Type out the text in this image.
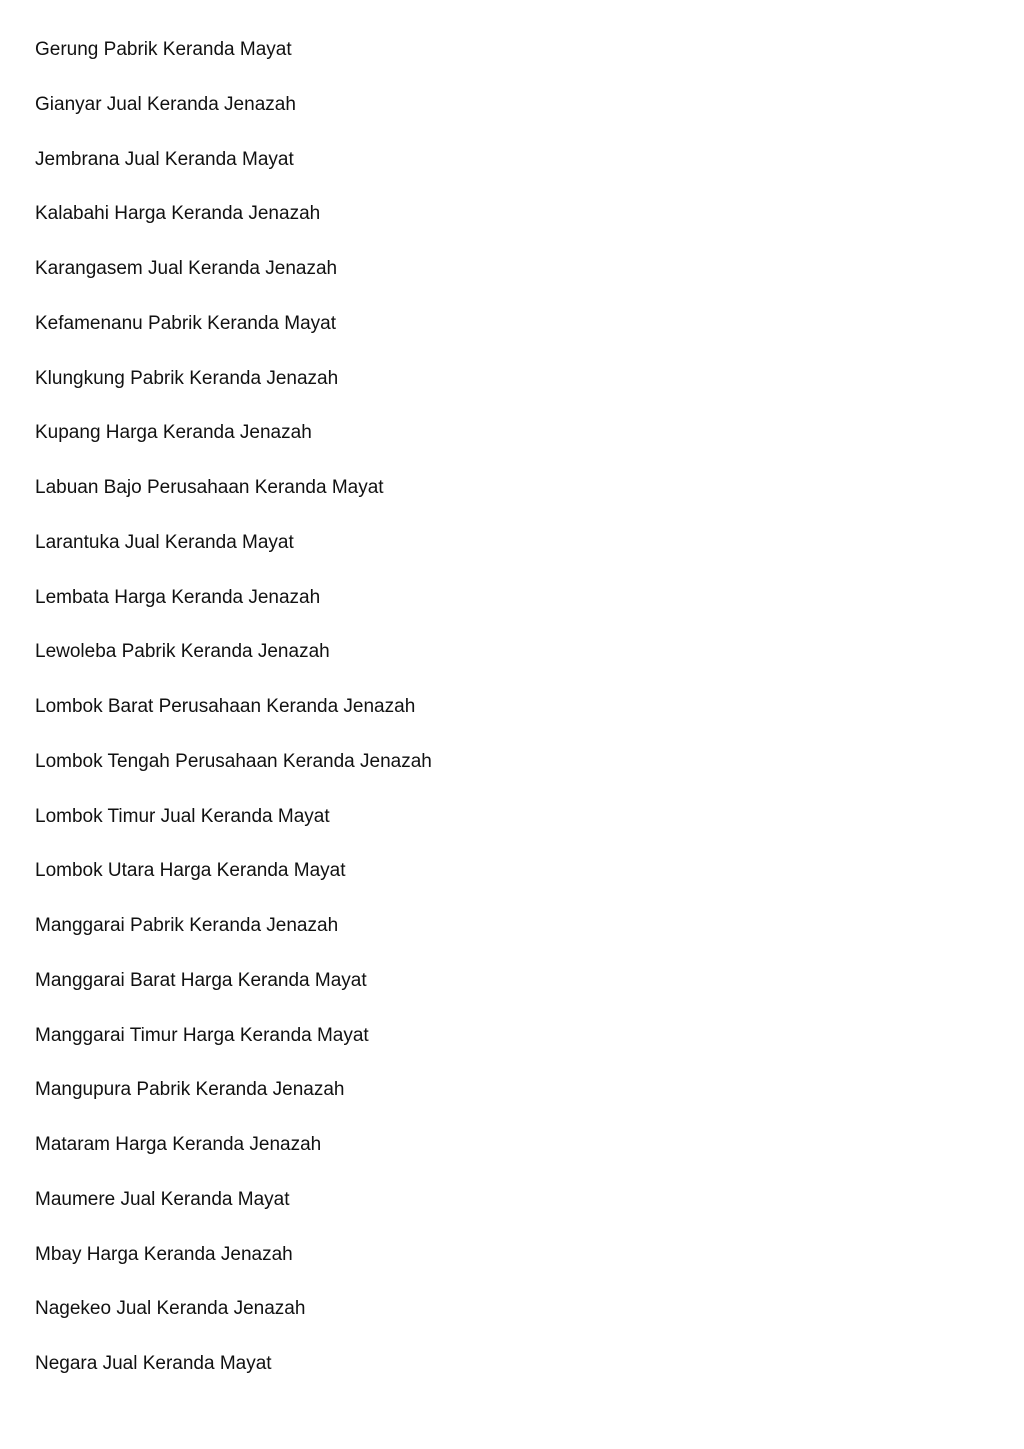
Gerung Pabrik Keranda Mayat
Gianyar Jual Keranda Jenazah
Jembrana Jual Keranda Mayat
Kalabahi Harga Keranda Jenazah
Karangasem Jual Keranda Jenazah
Kefamenanu Pabrik Keranda Mayat
Klungkung Pabrik Keranda Jenazah
Kupang Harga Keranda Jenazah
Labuan Bajo Perusahaan Keranda Mayat
Larantuka Jual Keranda Mayat
Lembata Harga Keranda Jenazah
Lewoleba Pabrik Keranda Jenazah
Lombok Barat Perusahaan Keranda Jenazah
Lombok Tengah Perusahaan Keranda Jenazah
Lombok Timur Jual Keranda Mayat
Lombok Utara Harga Keranda Mayat
Manggarai Pabrik Keranda Jenazah
Manggarai Barat Harga Keranda Mayat
Manggarai Timur Harga Keranda Mayat
Mangupura Pabrik Keranda Jenazah
Mataram Harga Keranda Jenazah
Maumere Jual Keranda Mayat
Mbay Harga Keranda Jenazah
Nagekeo Jual Keranda Jenazah
Negara Jual Keranda Mayat
